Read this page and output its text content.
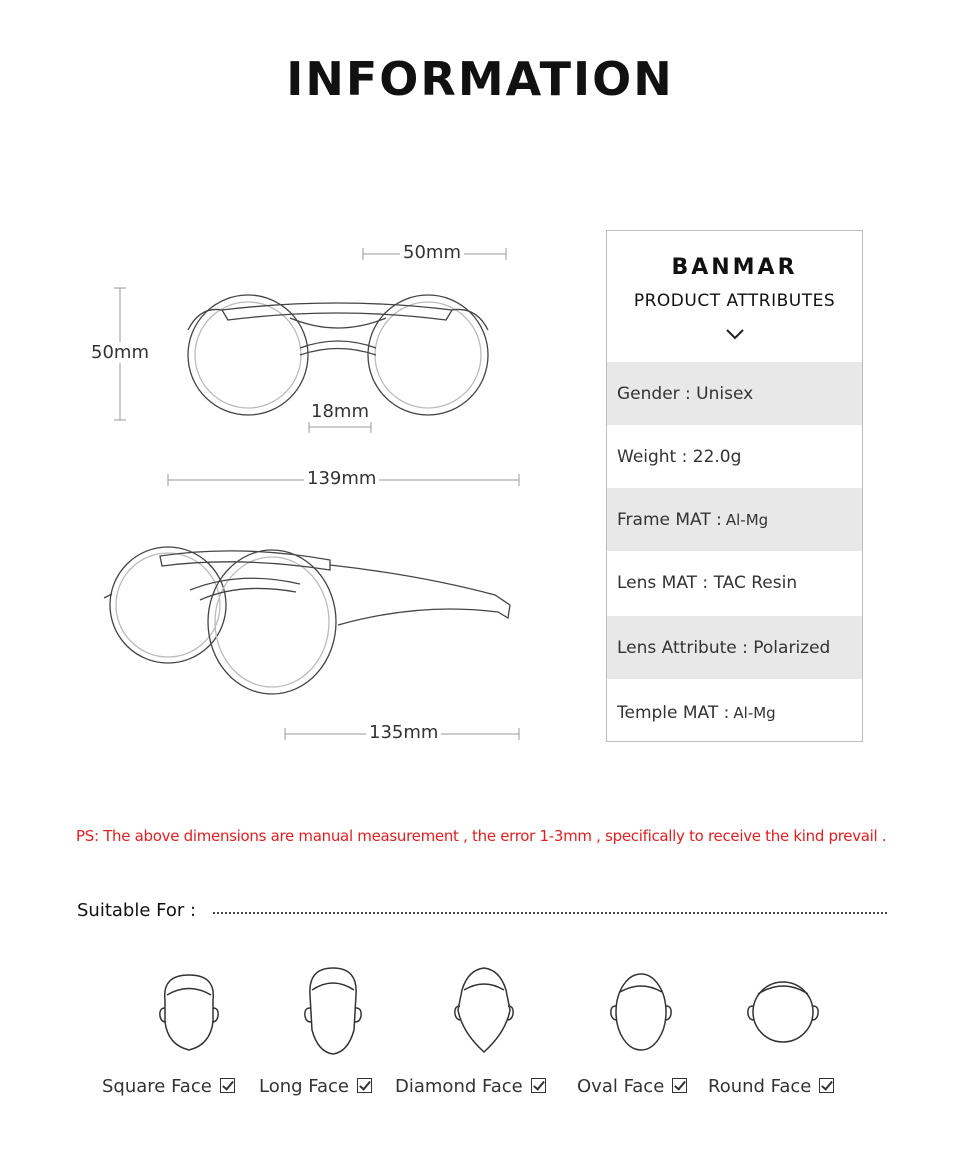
INFORMATION
50mm
50mm
18mm
139mm
135mm
BANMAR
PRODUCT ATTRIBUTES
Gender : Unisex
Weight : 22.0g
Frame MAT : Al-Mg
Lens MAT : TAC Resin
Lens Attribute : Polarized
Temple MAT : Al-Mg
PS: The above dimensions are manual measurement , the error 1-3mm , specifically to receive the kind prevail .
Suitable For :
Square Face	Long Face	Diamond Face	Oval Face	Round Face
